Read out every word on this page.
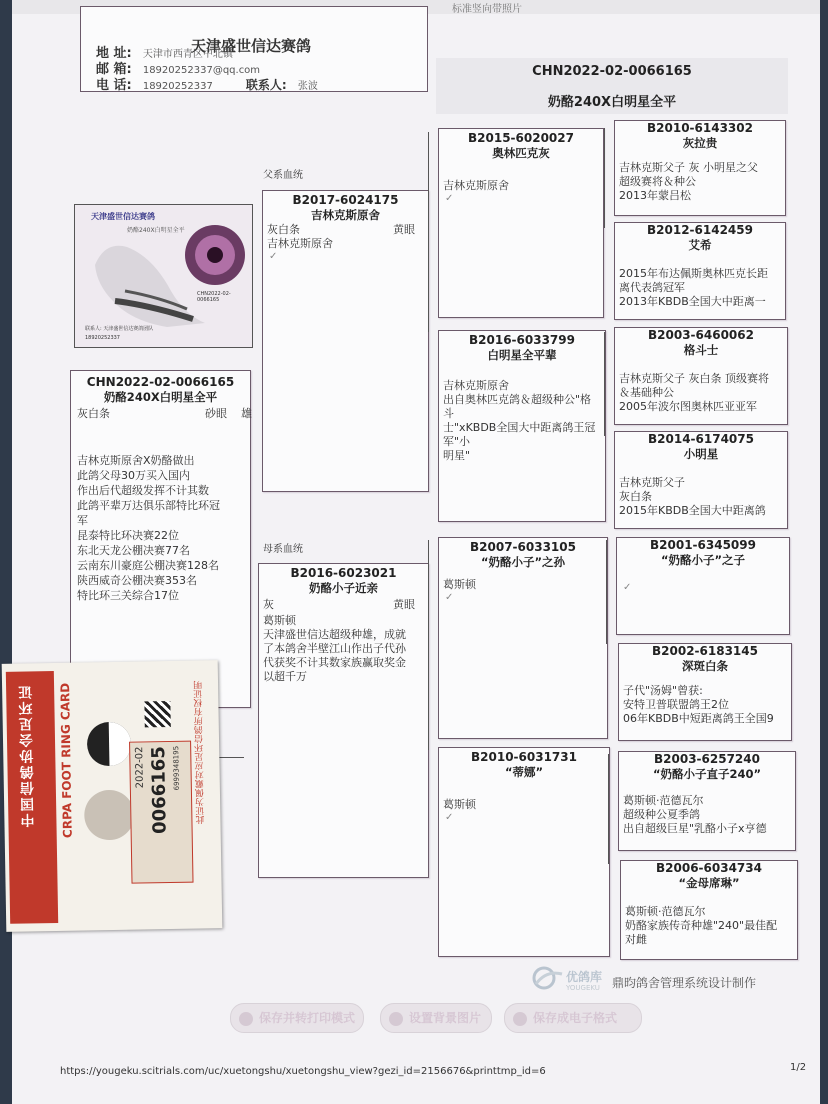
标准竖向带照片
天津盛世信达赛鸽
地 址: 天津市西青区中北镇
邮 箱: 18920252337@qq.com
电 话: 18920252337	联系人: 张波
CHN2022-02-0066165
奶酪240X白明星全平
父系血统
母系血统
天津盛世信达赛鸽
奶酪240X白明星全平
CHN2022-02-0066165
联系人: 天津盛世信达赛鸽团队
18920252337
CHN2022-02-0066165
奶酪240X白明星全平
灰白条	砂眼 雄
吉林克斯原舍X奶酪做出
此鸽父母30万买入国内
作出后代超级发挥不计其数
此鸽平辈万达俱乐部特比环冠
军
昆泰特比环决赛22位
东北天龙公棚决赛77名
云南东川豪庭公棚决赛128名
陕西威奇公棚决赛353名
特比环三关综合17位
B2017-6024175
吉林克斯原舍
灰白条	黄眼
吉林克斯原舍
✓
B2016-6023021
奶酪小子近亲
灰	黄眼
葛斯顿
天津盛世信达超级种雄，成就
了本鸽舍半壁江山作出子代孙
代获奖不计其数家族赢取奖金
以超千万
B2015-6020027
奥林匹克灰
吉林克斯原舍
✓
B2016-6033799
白明星全平辈
吉林克斯原舍
出自奥林匹克鸽＆超级种公"格
斗
士"xKBDB全国大中距离鸽王冠
军"小
明星"
B2007-6033105
“奶酪小子”之孙
葛斯顿
✓
B2010-6031731
“蒂娜”
葛斯顿
✓
B2010-6143302
灰拉贵
吉林克斯父子 灰 小明星之父
超级赛将＆种公
2013年蒙吕松
B2012-6142459
艾希
2015年布达佩斯奥林匹克长距
离代表鸽冠军
2013年KBDB全国大中距离一
B2003-6460062
格斗士
吉林克斯父子 灰白条 顶级赛将
＆基础种公
2005年波尔图奥林匹亚亚军
B2014-6174075
小明星
吉林克斯父子
灰白条
2015年KBDB全国大中距离鸽
B2001-6345099
“奶酪小子”之子
✓
B2002-6183145
深斑白条
子代"汤姆"曾获:
安特卫普联盟鸽王2位
06年KBDB中短距离鸽王全国9
B2003-6257240
“奶酪小子直子240”
葛斯顿·范德瓦尔
超级种公夏季鸽
出自超级巨星"乳酪小子x亨德
B2006-6034734
“金母席琳”
葛斯顿·范德瓦尔
奶酪家族传奇种雄"240"最佳配
对雌
优鸽库
YOUGEKU 鼎昀鸽舍管理系统设计制作
保存并转打印模式	设置背景图片	保存成电子格式
https://yougeku.scitrials.com/uc/xuetongshu/xuetongshu_view?gezi_id=2156676&printtmp_id=6	1/2
中国信鸽协会足环证	CRPA FOOT RING CARD	2022-02 0066165 6999348195 此证为佩戴对应足环信鸽所有权证明
